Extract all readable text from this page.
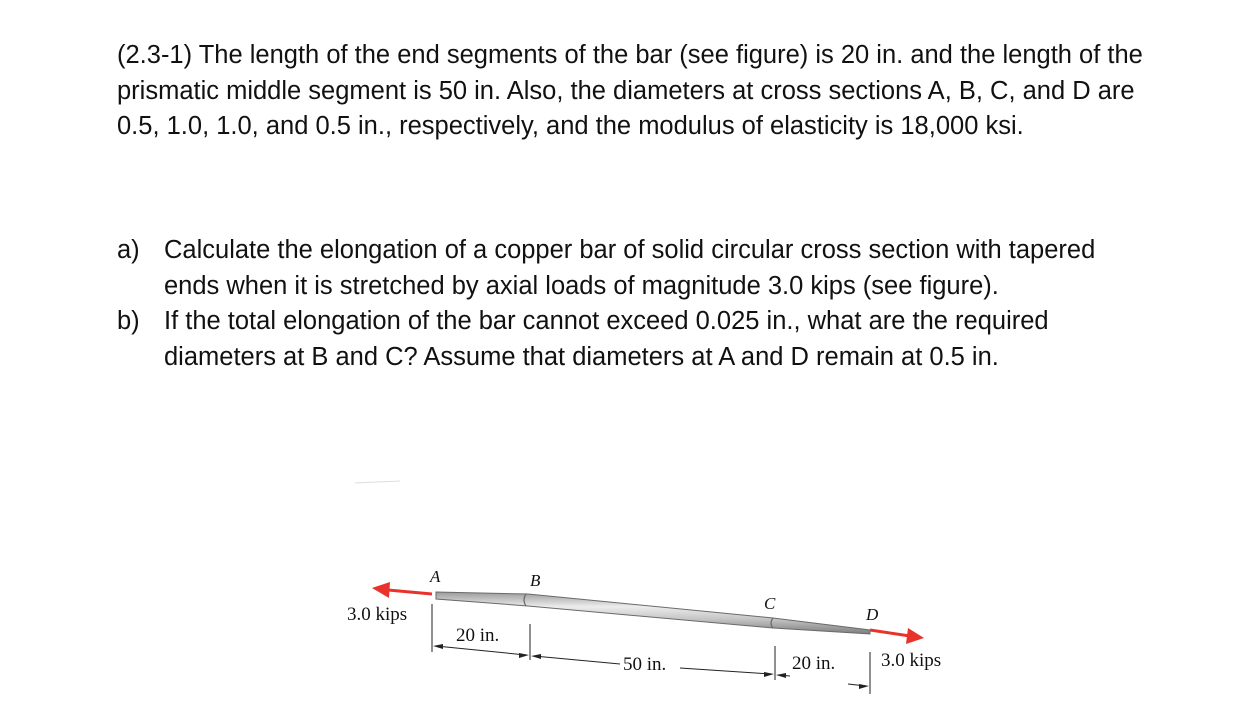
(2.3-1) The length of the end segments of the bar (see figure) is 20 in. and the length of the prismatic middle segment is 50 in. Also, the diameters at cross sections A, B, C, and D are 0.5, 1.0, 1.0, and 0.5 in., respectively, and the modulus of elasticity is 18,000 ksi.

a) Calculate the elongation of a copper bar of solid circular cross section with tapered ends when it is stretched by axial loads of magnitude 3.0 kips (see figure).
b) If the total elongation of the bar cannot exceed 0.025 in., what are the required diameters at B and C? Assume that diameters at A and D remain at 0.5 in.
A	B
C
D
3.0 kips
3.0 kips
20 in.
50 in.	20 in.
